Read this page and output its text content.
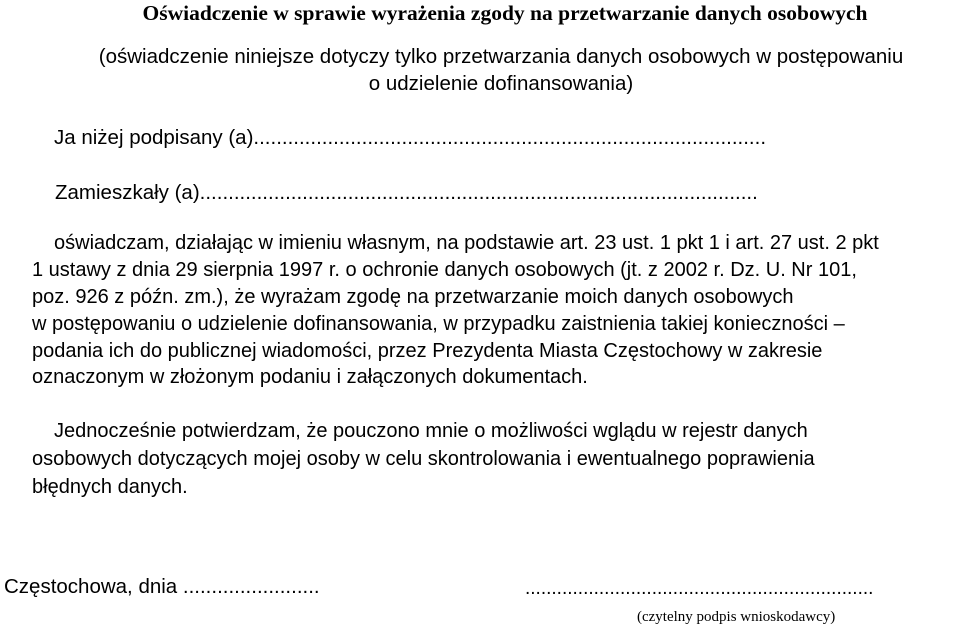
Oświadczenie w sprawie wyrażenia zgody na przetwarzanie danych osobowych
(oświadczenie niniejsze dotyczy tylko przetwarzania danych osobowych w postępowaniu
o udzielenie dofinansowania)
Ja niżej podpisany (a)..........................................................................................
Zamieszkały (a)..................................................................................................
oświadczam, działając w imieniu własnym, na podstawie art. 23 ust. 1 pkt 1 i art. 27 ust. 2 pkt
1 ustawy z dnia 29 sierpnia 1997 r. o ochronie danych osobowych (jt. z 2002 r. Dz. U. Nr 101,
poz. 926 z późn. zm.), że wyrażam zgodę na przetwarzanie moich danych osobowych
w postępowaniu o udzielenie dofinansowania, w przypadku zaistnienia takiej konieczności –
podania ich do publicznej wiadomości, przez Prezydenta Miasta Częstochowy w zakresie
oznaczonym w złożonym podaniu i załączonych dokumentach.
Jednocześnie potwierdzam, że pouczono mnie o możliwości wglądu w rejestr danych
osobowych dotyczących mojej osoby w celu skontrolowania i ewentualnego poprawienia
błędnych danych.
Częstochowa, dnia ........................	..................................................................
(czytelny podpis wnioskodawcy)
